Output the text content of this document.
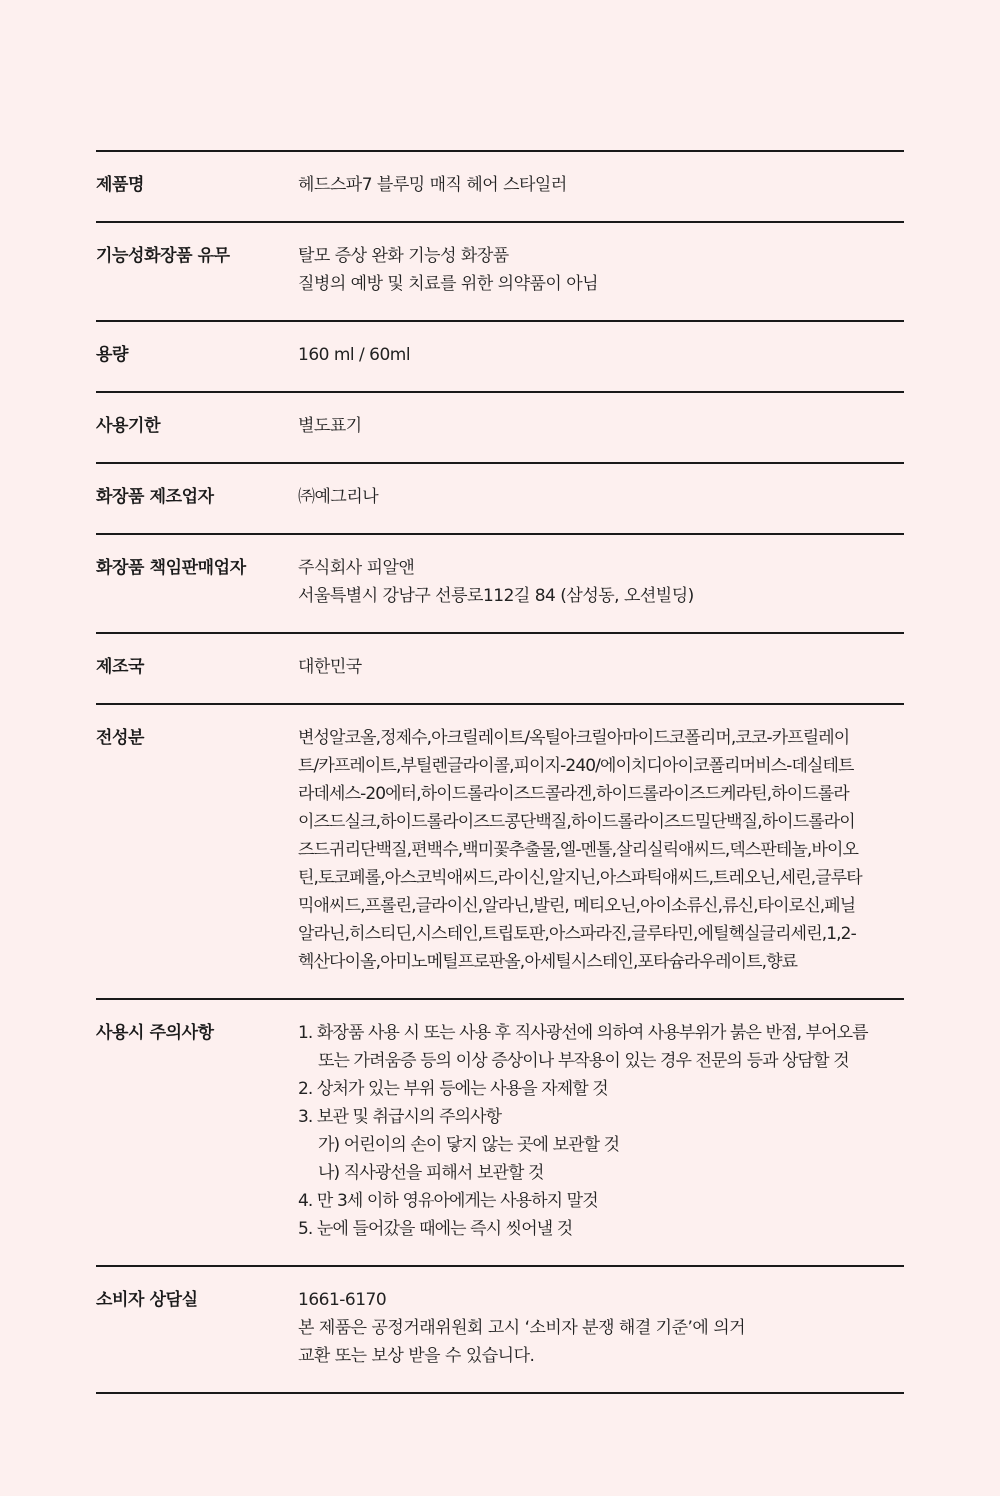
제품명	헤드스파7 블루밍 매직 헤어 스타일러
기능성화장품 유무	탈모 증상 완화 기능성 화장품
질병의 예방 및 치료를 위한 의약품이 아님
용량	160 ml / 60ml
사용기한	별도표기
화장품 제조업자	㈜예그리나
화장품 책임판매업자	주식회사 피알앤
서울특별시 강남구 선릉로112길 84 (삼성동, 오션빌딩)
제조국	대한민국
전성분	변성알코올,정제수,아크릴레이트/옥틸아크릴아마이드코폴리머,코코-카프릴레이
트/카프레이트,부틸렌글라이콜,피이지-240/에이치디아이코폴리머비스-데실테트
라데세스-20에터,하이드롤라이즈드콜라겐,하이드롤라이즈드케라틴,하이드롤라
이즈드실크,하이드롤라이즈드콩단백질,하이드롤라이즈드밀단백질,하이드롤라이
즈드귀리단백질,편백수,백미꽃추출물,엘-멘톨,살리실릭애씨드,덱스판테놀,바이오
틴,토코페롤,아스코빅애씨드,라이신,알지닌,아스파틱애씨드,트레오닌,세린,글루타
믹애씨드,프롤린,글라이신,알라닌,발린, 메티오닌,아이소류신,류신,타이로신,페닐
알라닌,히스티딘,시스테인,트립토판,아스파라진,글루타민,에틸헥실글리세린,1,2-
헥산다이올,아미노메틸프로판올,아세틸시스테인,포타슘라우레이트,향료
사용시 주의사항	1. 화장품 사용 시 또는 사용 후 직사광선에 의하여 사용부위가 붉은 반점, 부어오름
또는 가려움증 등의 이상 증상이나 부작용이 있는 경우 전문의 등과 상담할 것
2. 상처가 있는 부위 등에는 사용을 자제할 것
3. 보관 및 취급시의 주의사항
가) 어린이의 손이 닿지 않는 곳에 보관할 것
나) 직사광선을 피해서 보관할 것
4. 만 3세 이하 영유아에게는 사용하지 말것
5. 눈에 들어갔을 때에는 즉시 씻어낼 것
소비자 상담실	1661-6170
본 제품은 공정거래위원회 고시 ‘소비자 분쟁 해결 기준’에 의거
교환 또는 보상 받을 수 있습니다.
